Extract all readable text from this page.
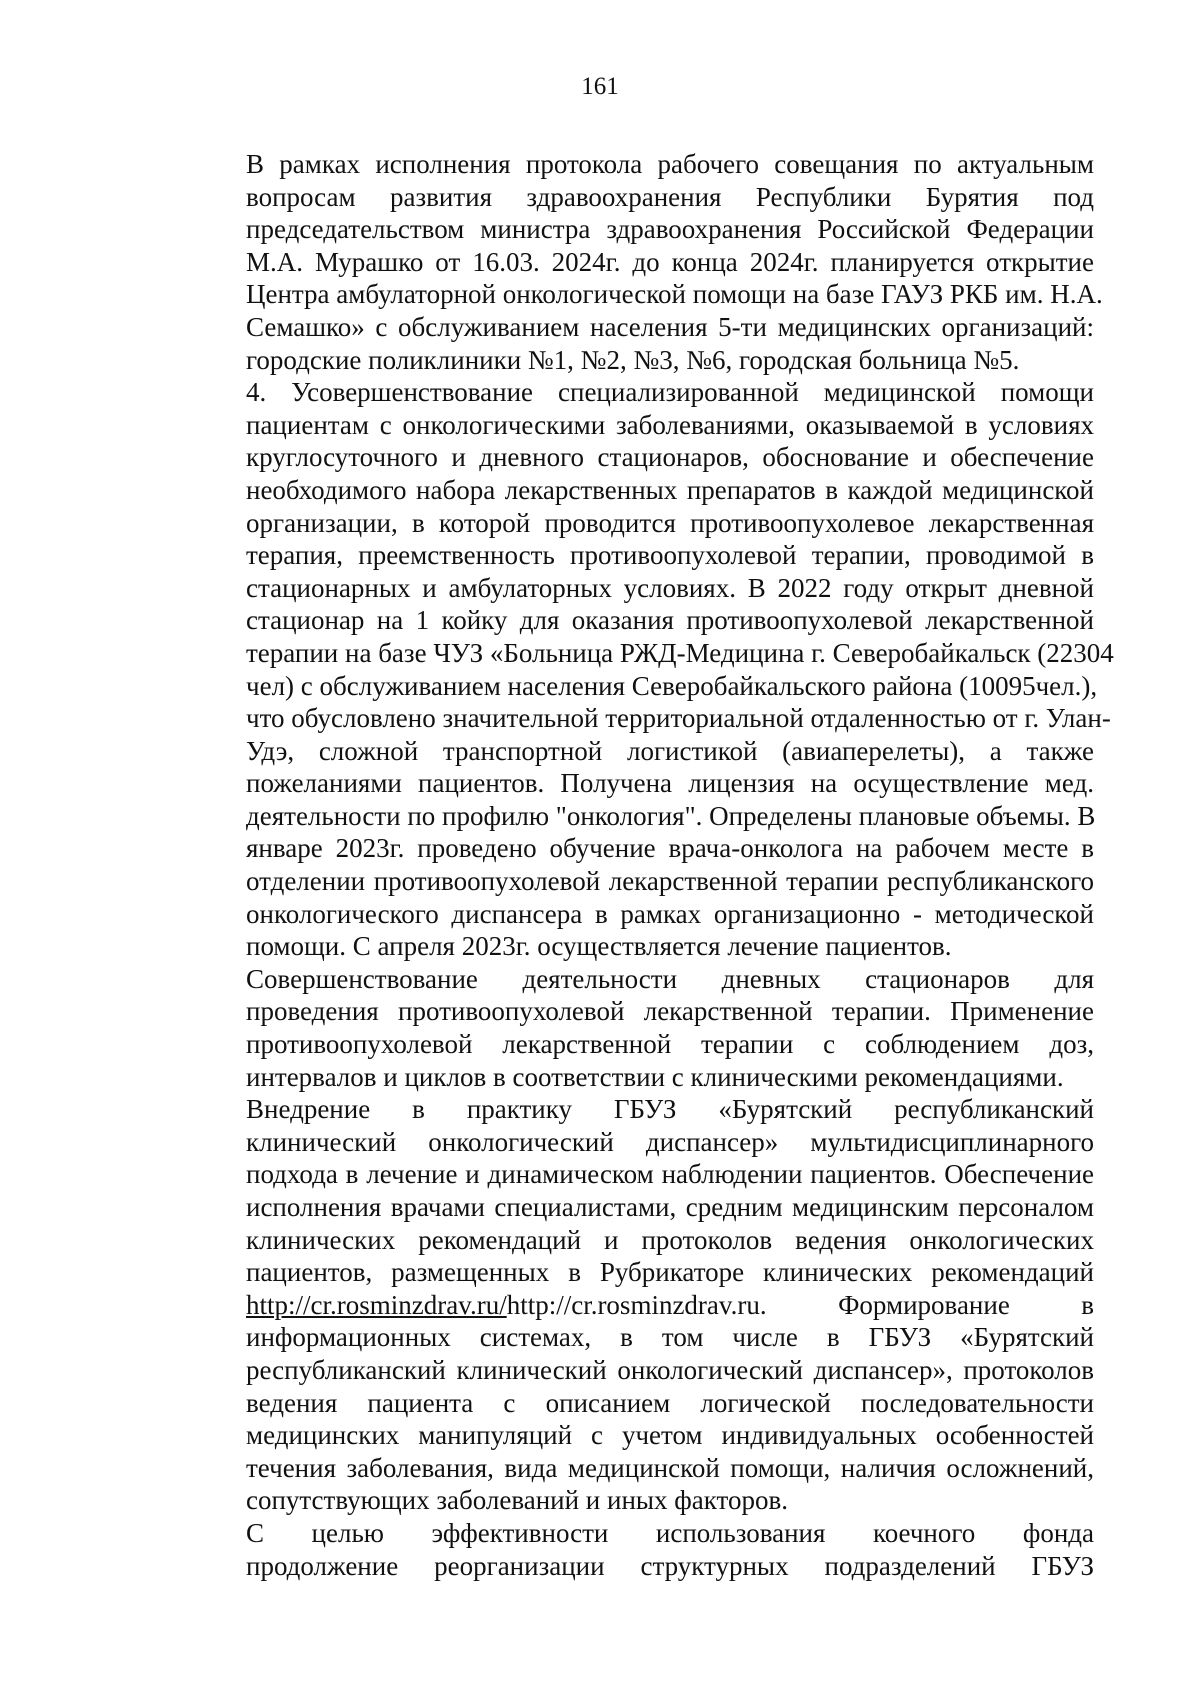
161

В рамках исполнения протокола рабочего совещания по актуальным
вопросам развития здравоохранения Республики Бурятия под
председательством министра здравоохранения Российской Федерации
М.А. Мурашко от 16.03. 2024г. до конца 2024г. планируется открытие
Центра амбулаторной онкологической помощи на базе ГАУЗ РКБ им. Н.А.
Семашко» с обслуживанием населения 5-ти медицинских организаций:
городские поликлиники №1, №2, №3, №6, городская больница №5.

4. Усовершенствование специализированной медицинской помощи
пациентам с онкологическими заболеваниями, оказываемой в условиях
круглосуточного и дневного стационаров, обоснование и обеспечение
необходимого набора лекарственных препаратов в каждой медицинской
организации, в которой проводится противоопухолевое лекарственная
терапия, преемственность противоопухолевой терапии, проводимой в
стационарных и амбулаторных условиях. В 2022 году открыт дневной
стационар на 1 койку для оказания противоопухолевой лекарственной
терапии на базе ЧУЗ «Больница РЖД-Медицина г. Северобайкальск (22304
чел) с обслуживанием населения Северобайкальского района (10095чел.),
что обусловлено значительной территориальной отдаленностью от г. Улан-
Удэ, сложной транспортной логистикой (авиаперелеты), а также
пожеланиями пациентов. Получена лицензия на осуществление мед.
деятельности по профилю "онкология". Определены плановые объемы. В
январе 2023г. проведено обучение врача-онколога на рабочем месте в
отделении противоопухолевой лекарственной терапии республиканского
онкологического диспансера в рамках организационно - методической
помощи. С апреля 2023г. осуществляется лечение пациентов.

Совершенствование деятельности дневных стационаров для
проведения противоопухолевой лекарственной терапии. Применение
противоопухолевой лекарственной терапии с соблюдением доз,
интервалов и циклов в соответствии с клиническими рекомендациями.

Внедрение в практику ГБУЗ «Бурятский республиканский
клинический онкологический диспансер» мультидисциплинарного
подхода в лечение и динамическом наблюдении пациентов. Обеспечение
исполнения врачами специалистами, средним медицинским персоналом
клинических рекомендаций и протоколов ведения онкологических
пациентов, размещенных в Рубрикаторе клинических рекомендаций
http://cr.rosminzdrav.ru/http://cr.rosminzdrav.ru. Формирование в
информационных системах, в том числе в ГБУЗ «Бурятский
республиканский клинический онкологический диспансер», протоколов
ведения пациента с описанием логической последовательности
медицинских манипуляций с учетом индивидуальных особенностей
течения заболевания, вида медицинской помощи, наличия осложнений,
сопутствующих заболеваний и иных факторов.

С целью эффективности использования коечного фонда
продолжение реорганизации структурных подразделений ГБУЗ
